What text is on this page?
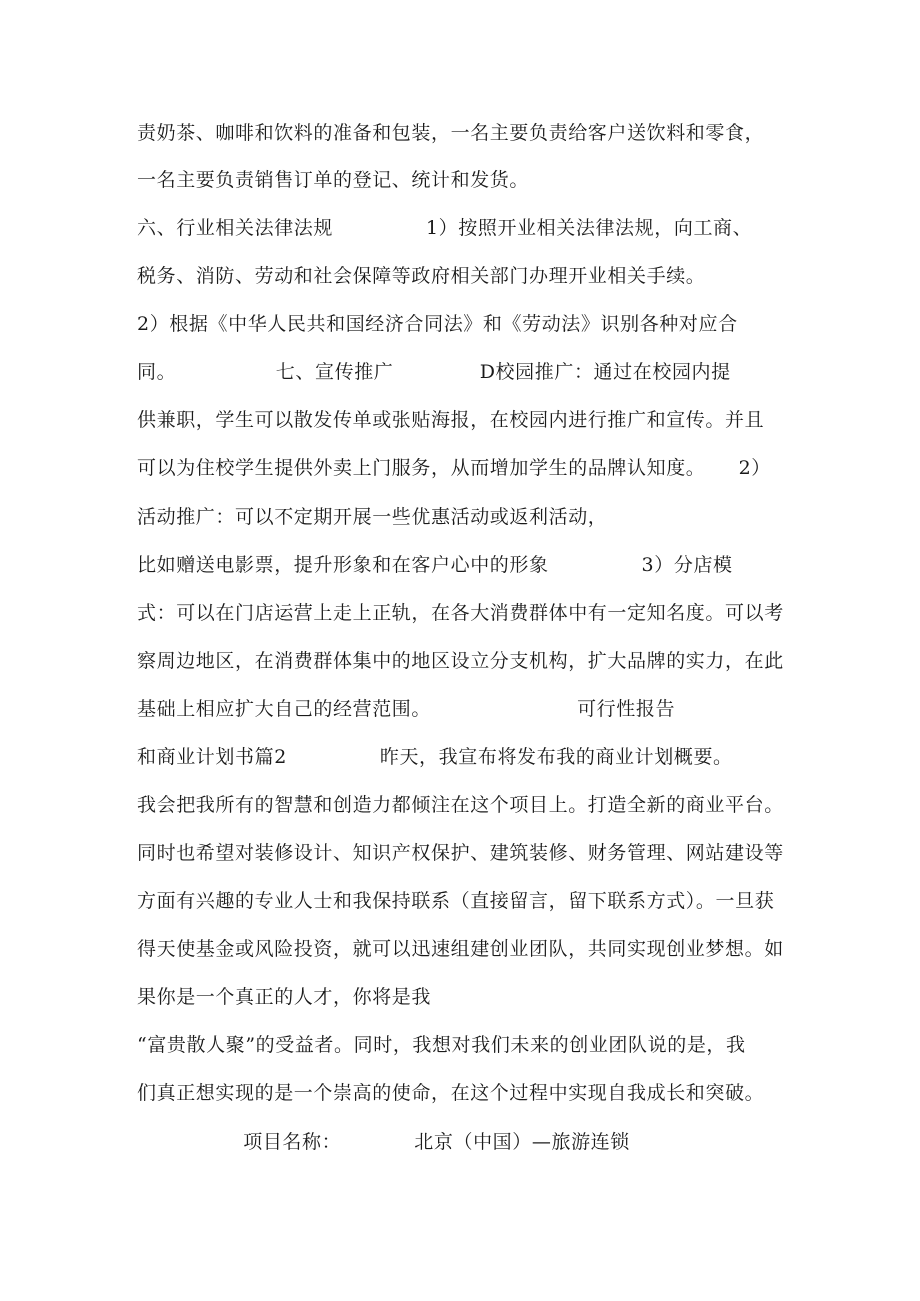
责奶茶、咖啡和饮料的准备和包装，一名主要负责给客户送饮料和零食，
一名主要负责销售订单的登记、统计和发货。
六、行业相关法律法规              1）按照开业相关法律法规，向工商、
税务、消防、劳动和社会保障等政府相关部门办理开业相关手续。
2）根据《中华人民共和国经济合同法》和《劳动法》识别各种对应合
同。               七、宣传推广             D校园推广：通过在校园内提
供兼职，学生可以散发传单或张贴海报，在校园内进行推广和宣传。并且
可以为住校学生提供外卖上门服务，从而增加学生的品牌认知度。     2）
活动推广：可以不定期开展一些优惠活动或返利活动，
比如赠送电影票，提升形象和在客户心中的形象              3）分店模
式：可以在门店运营上走上正轨，在各大消费群体中有一定知名度。可以考
察周边地区，在消费群体集中的地区设立分支机构，扩大品牌的实力，在此
基础上相应扩大自己的经营范围。                      可行性报告
和商业计划书篇2              昨天，我宣布将发布我的商业计划概要。
我会把我所有的智慧和创造力都倾注在这个项目上。打造全新的商业平台。
同时也希望对装修设计、知识产权保护、建筑装修、财务管理、网站建设等
方面有兴趣的专业人士和我保持联系（直接留言，留下联系方式）。一旦获
得天使基金或风险投资，就可以迅速组建创业团队，共同实现创业梦想。如
果你是一个真正的人才，你将是我
“富贵散人聚”的受益者。同时，我想对我们未来的创业团队说的是，我
们真正想实现的是一个崇高的使命，在这个过程中实现自我成长和突破。
项目名称：           北京（中国）—旅游连锁
